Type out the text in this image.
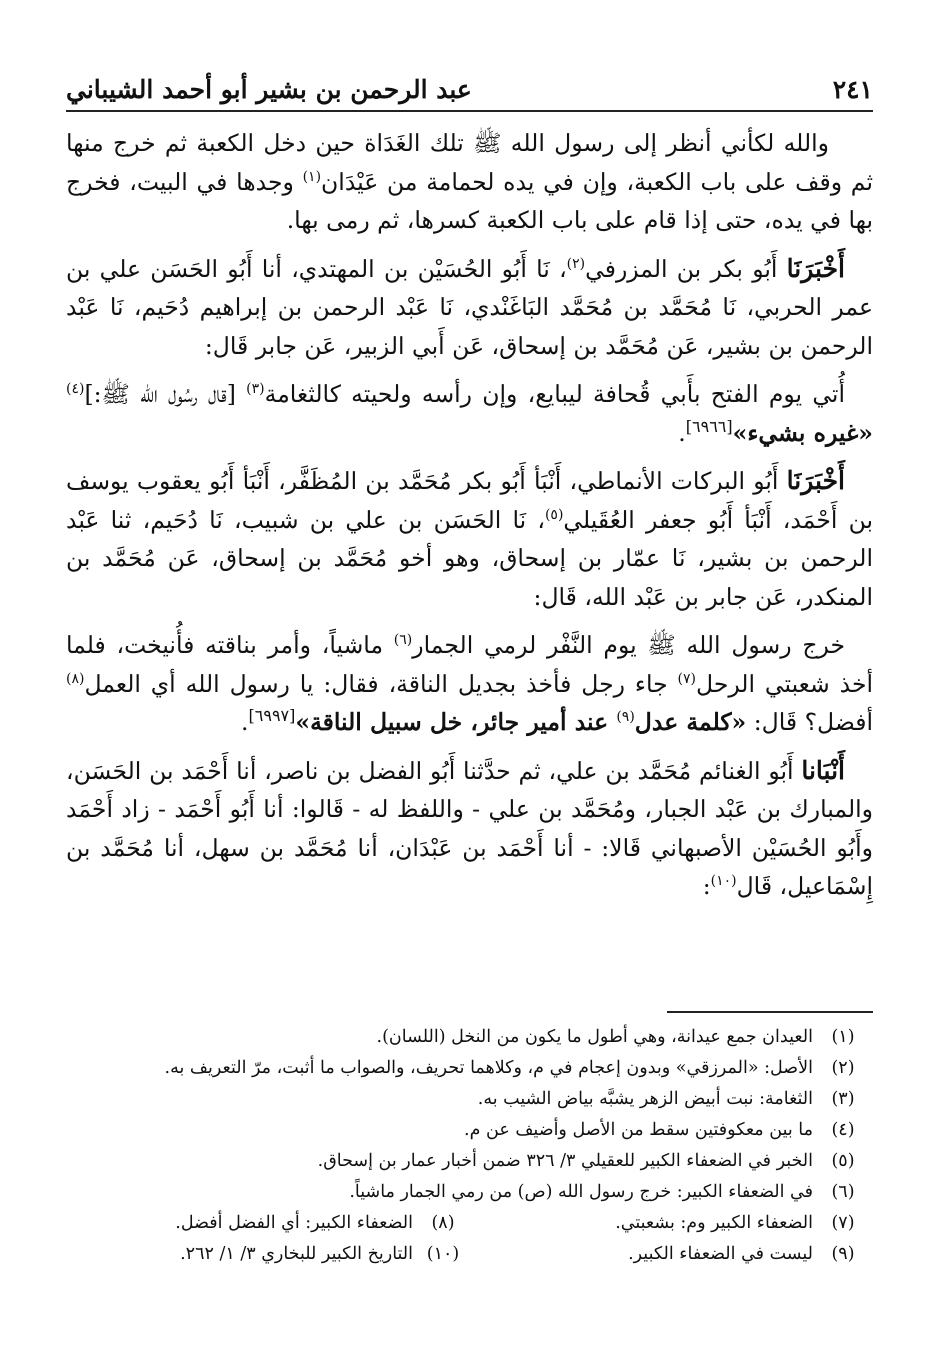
عبد الرحمن بن بشير أبو أحمد الشيباني	٢٤١

والله لكأني أنظر إلى رسول الله ﷺ تلك الغَدَاة حين دخل الكعبة ثم خرج منها ثم وقف على باب الكعبة، وإن في يده لحمامة من عَيْدَان$^{(١)}$ وجدها في البيت، فخرج بها في يده، حتى إذا قام على باب الكعبة كسرها، ثم رمى بها.

أَخْبَرَنَا أَبُو بكر بن المزرفي$^{(٢)}$، نَا أَبُو الحُسَيْن بن المهتدي، أنا أَبُو الحَسَن علي بن عمر الحربي، نَا مُحَمَّد بن مُحَمَّد البَاغَنْدي، نَا عَبْد الرحمن بن إبراهيم دُحَيم، نَا عَبْد الرحمن بن بشير، عَن مُحَمَّد بن إسحاق، عَن أَبي الزبير، عَن جابر قَال:

أُتي يوم الفتح بأَبي قُحافة ليبايع، وإن رأسه ولحيته كالثغامة$^{(٣)}$ [قال رسُول الله ﷺ:]$^{(٤)}$ «غيره بشيء»[٦٩٦٦].

أَخْبَرَنَا أَبُو البركات الأنماطي، أَنْبَأ أَبُو بكر مُحَمَّد بن المُظَفَّر، أَنْبَأ أَبُو يعقوب يوسف بن أَحْمَد، أَنْبَأ أَبُو جعفر العُقَيلي$^{(٥)}$، نَا الحَسَن بن علي بن شبيب، نَا دُحَيم، ثنا عَبْد الرحمن بن بشير، نَا عمّار بن إسحاق، وهو أخو مُحَمَّد بن إسحاق، عَن مُحَمَّد بن المنكدر، عَن جابر بن عَبْد الله، قَال:

خرج رسول الله ﷺ يوم النَّفْر لرمي الجمار$^{(٦)}$ ماشياً، وأمر بناقته فأُنيخت، فلما أخذ شعبتي الرحل$^{(٧)}$ جاء رجل فأخذ بجديل الناقة، فقال: يا رسول الله أي العمل$^{(٨)}$ أفضل؟ قَال: «كلمة عدل$^{(٩)}$ عند أمير جائر، خل سبيل الناقة»[٦٩٩٧].

أَنْبَانا أَبُو الغنائم مُحَمَّد بن علي، ثم حدَّثنا أَبُو الفضل بن ناصر، أنا أَحْمَد بن الحَسَن، والمبارك بن عَبْد الجبار، ومُحَمَّد بن علي - واللفظ له - قَالوا: أنا أَبُو أَحْمَد - زاد أَحْمَد وأَبُو الحُسَيْن الأصبهاني قَالا: - أنا أَحْمَد بن عَبْدَان، أنا مُحَمَّد بن سهل، أنا مُحَمَّد بن إِسْمَاعيل، قَال$^{(١٠)}$:

(١)
العيدان جمع عيدانة، وهي أطول ما يكون من النخل (اللسان).
(٢)
الأصل: «المرزقي» وبدون إعجام في م، وكلاهما تحريف، والصواب ما أثبت، مرّ التعريف به.
(٣)
الثغامة: نبت أبيض الزهر يشبَّه بياض الشيب به.
(٤)
ما بين معكوفتين سقط من الأصل وأضيف عن م.
(٥)
الخبر في الضعفاء الكبير للعقيلي ٣/ ٣٢٦ ضمن أخبار عمار بن إسحاق.
(٦)
في الضعفاء الكبير: خرج رسول الله (ص) من رمي الجمار ماشياً.
(٧)
الضعفاء الكبير وم: بشعبتي.
(٨)
الضعفاء الكبير: أي الفضل أفضل.
(٩)
ليست في الضعفاء الكبير.
(١٠)
التاريخ الكبير للبخاري ٣/ ١/ ٢٦٢.
